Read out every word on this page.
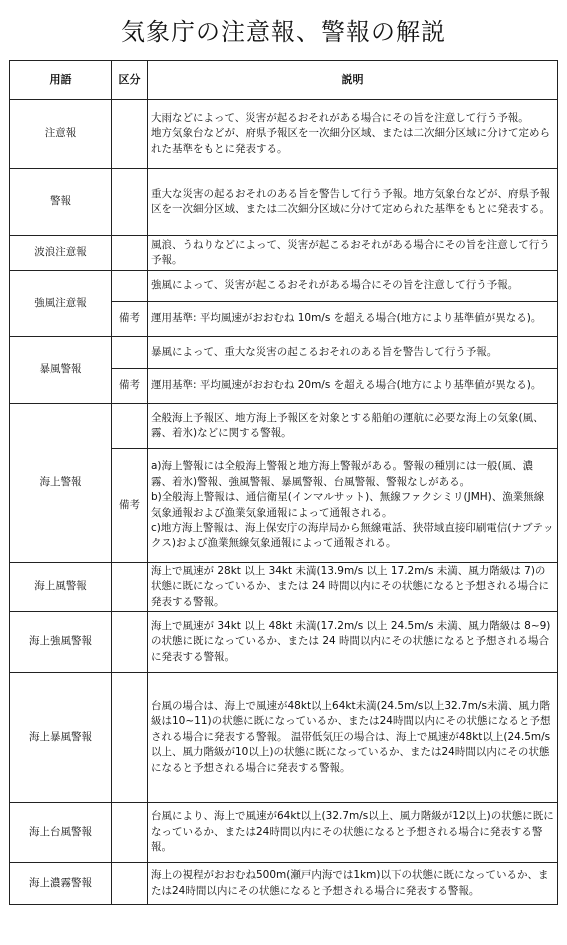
気象庁の注意報、警報の解説
用語	区分	説明
注意報		大雨などによって、災害が起るおそれがある場合にその旨を注意して行う予報。
地方気象台などが、府県予報区を一次細分区域、または二次細分区域に分けて定められた基準をもとに発表する。

警報		重大な災害の起るおそれのある旨を警告して行う予報。地方気象台などが、府県予報区を一次細分区域、または二次細分区域に分けて定められた基準をもとに発表する。

波浪注意報		風浪、うねりなどによって、災害が起こるおそれがある場合にその旨を注意して行う予報。

強風注意報		強風によって、災害が起こるおそれがある場合にその旨を注意して行う予報。

	備考	運用基準: 平均風速がおおむね 10m/s を超える場合(地方により基準値が異なる)。

暴風警報		暴風によって、重大な災害の起こるおそれのある旨を警告して行う予報。

	備考	運用基準: 平均風速がおおむね 20m/s を超える場合(地方により基準値が異なる)。

海上警報		全般海上予報区、地方海上予報区を対象とする船舶の運航に必要な海上の気象(風、霧、着氷)などに関する警報。

	備考	a)海上警報には全般海上警報と地方海上警報がある。警報の種別には一般(風、濃霧、着氷)警報、強風警報、暴風警報、台風警報、警報なしがある。
b)全般海上警報は、通信衛星(インマルサット)、無線ファクシミリ(JMH)、漁業無線気象通報および漁業気象通報によって通報される。
c)地方海上警報は、海上保安庁の海岸局から無線電話、狭帯域直接印刷電信(ナブテックス)および漁業無線気象通報によって通報される。

海上風警報		海上で風速が 28kt 以上 34kt 未満(13.9m/s 以上 17.2m/s 未満、風力階級は 7)の状態に既になっているか、または 24 時間以内にその状態になると予想される場合に発表する警報。

海上強風警報		海上で風速が 34kt 以上 48kt 未満(17.2m/s 以上 24.5m/s 未満、風力階級は 8~9)の状態に既になっているか、または 24 時間以内にその状態になると予想される場合に発表する警報。

海上暴風警報		台風の場合は、海上で風速が48kt以上64kt未満(24.5m/s以上32.7m/s未満、風力階級は10~11)の状態に既になっているか、または24時間以内にその状態になると予想される場合に発表する警報。 温帯低気圧の場合は、海上で風速が48kt以上(24.5m/s以上、風力階級が10以上)の状態に既になっているか、または24時間以内にその状態になると予想される場合に発表する警報。

海上台風警報		台風により、海上で風速が64kt以上(32.7m/s以上、風力階級が12以上)の状態に既になっているか、または24時間以内にその状態になると予想される場合に発表する警報。

海上濃霧警報		海上の視程がおおむね500m(瀬戸内海では1km)以下の状態に既になっているか、または24時間以内にその状態になると予想される場合に発表する警報。
